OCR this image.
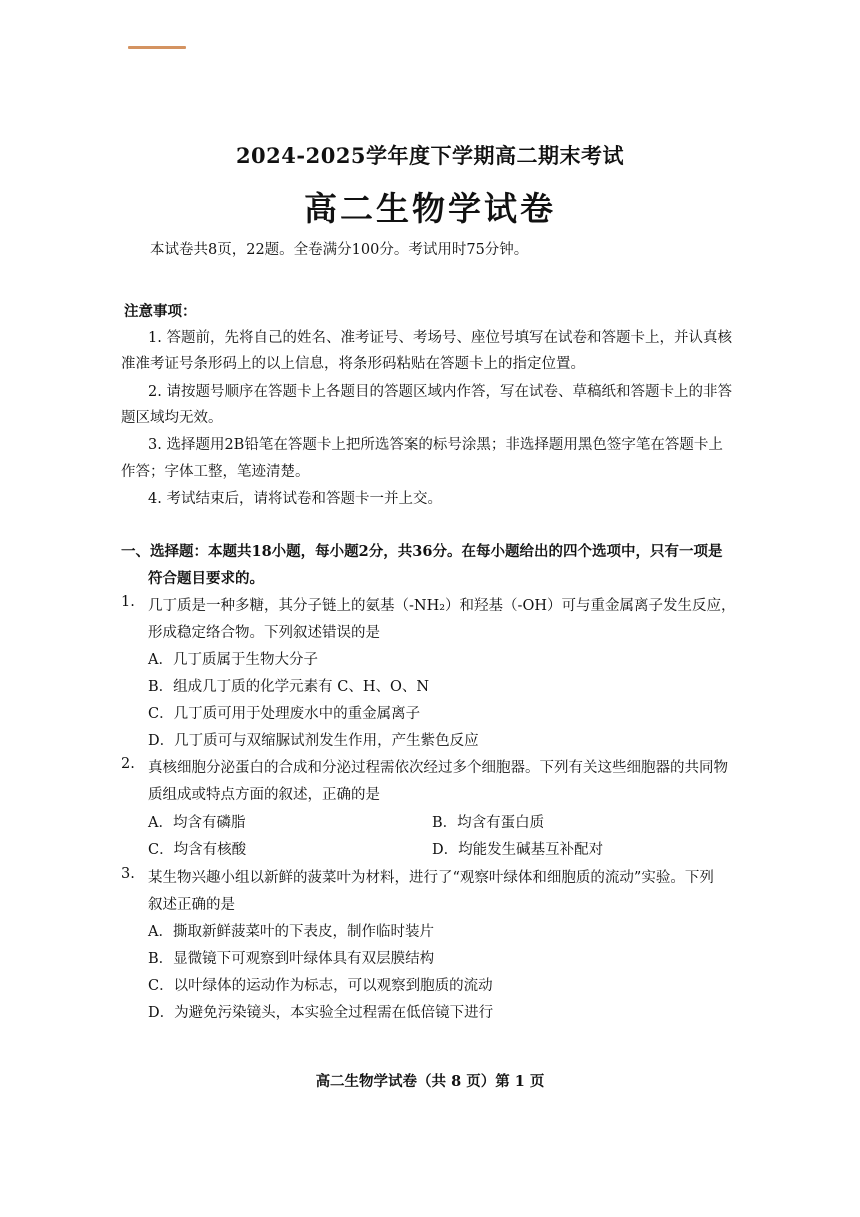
2024-2025学年度下学期高二期末考试
高二生物学试卷
本试卷共8页，22题。全卷满分100分。考试用时75分钟。
注意事项：
1. 答题前，先将自己的姓名、准考证号、考场号、座位号填写在试卷和答题卡上，并认真核
准准考证号条形码上的以上信息，将条形码粘贴在答题卡上的指定位置。
2. 请按题号顺序在答题卡上各题目的答题区域内作答，写在试卷、草稿纸和答题卡上的非答
题区域均无效。
3. 选择题用2B铅笔在答题卡上把所选答案的标号涂黑；非选择题用黑色签字笔在答题卡上
作答；字体工整，笔迹清楚。
4. 考试结束后，请将试卷和答题卡一并上交。
一、选择题：本题共18小题，每小题2分，共36分。在每小题给出的四个选项中，只有一项是
符合题目要求的。
1. 几丁质是一种多糖，其分子链上的氨基（-NH₂）和羟基（-OH）可与重金属离子发生反应，
形成稳定络合物。下列叙述错误的是
A．几丁质属于生物大分子
B．组成几丁质的化学元素有 C、H、O、N
C．几丁质可用于处理废水中的重金属离子
D．几丁质可与双缩脲试剂发生作用，产生紫色反应
2. 真核细胞分泌蛋白的合成和分泌过程需依次经过多个细胞器。下列有关这些细胞器的共同物
质组成或特点方面的叙述，正确的是
A．均含有磷脂	B．均含有蛋白质
C．均含有核酸	D．均能发生碱基互补配对
3. 某生物兴趣小组以新鲜的菠菜叶为材料，进行了“观察叶绿体和细胞质的流动”实验。下列
叙述正确的是
A．撕取新鲜菠菜叶的下表皮，制作临时装片
B．显微镜下可观察到叶绿体具有双层膜结构
C．以叶绿体的运动作为标志，可以观察到胞质的流动
D．为避免污染镜头，本实验全过程需在低倍镜下进行
高二生物学试卷（共 8 页）第 1 页
